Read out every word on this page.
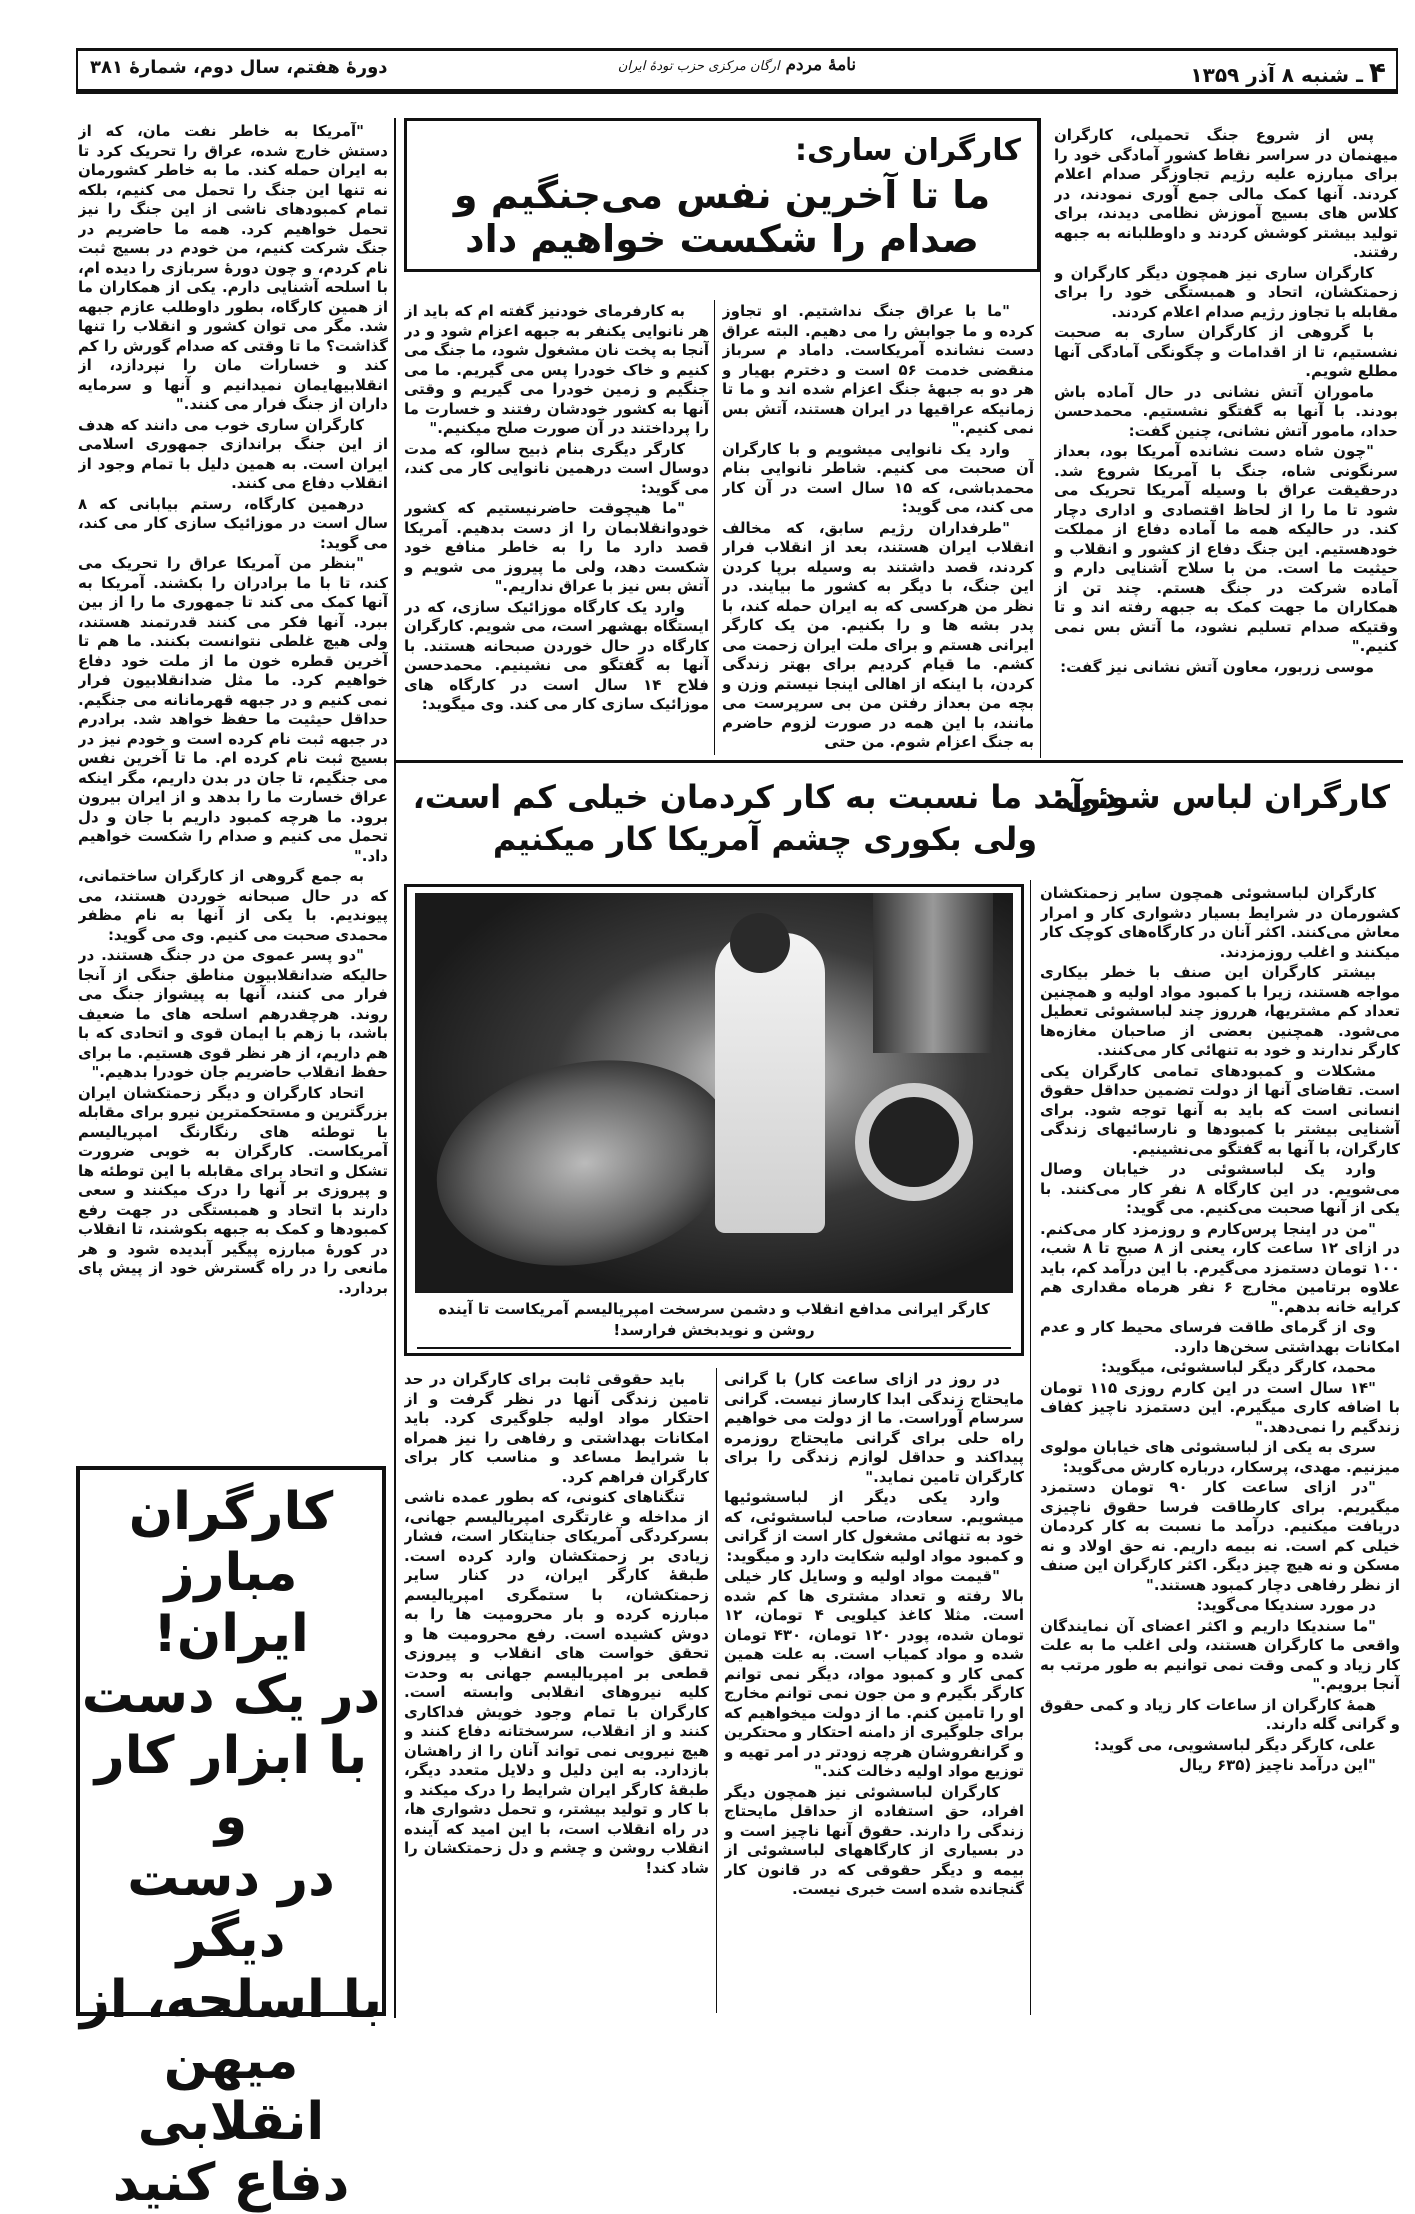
۴ـ شنبه ۸ آذر ۱۳۵۹
نامهٔ مردم ارگان مرکزی حزب تودهٔ ایران
دورهٔ هفتم، سال دوم، شمارهٔ ۳۸۱
کارگران ساری:
ما تا آخرین نفس می‌جنگیم و صدام را شکست خواهیم داد

پس از شروع جنگ تحمیلی، کارگران میهنمان در سراسر نقاط کشور آمادگی خود را برای مبارزه علیه رژیم تجاوزگر صدام اعلام کردند. آنها کمک مالی جمع آوری نمودند، در کلاس های بسیج آموزش نظامی دیدند، برای تولید بیشتر کوشش کردند و داوطلبانه به جبهه رفتند.

کارگران ساری نیز همچون دیگر کارگران و زحمتکشان، اتحاد و همبستگی خود را برای مقابله با تجاوز رژیم صدام اعلام کردند.

با گروهی از کارگران ساری به صحبت نشستیم، تا از اقدامات و چگونگی آمادگی آنها مطلع شویم.

ماموران آتش نشانی در حال آماده باش بودند. با آنها به گفتگو نشستیم. محمدحسن حداد، مامور آتش نشانی، چنین گفت:

"چون شاه دست نشانده آمریکا بود، بعداز سرنگونی شاه، جنگ با آمریکا شروع شد. درحقیقت عراق با وسیله آمریکا تحریک می شود تا ما را از لحاظ اقتصادی و اداری دچار کند. در حالیکه همه ما آماده دفاع از مملکت خودهستیم. این جنگ دفاع از کشور و انقلاب و حیثیت ما است. من با سلاح آشنایی دارم و آماده شرکت در جنگ هستم. چند تن از همکاران ما جهت کمک به جبهه رفته اند و تا وقتیکه صدام تسلیم نشود، ما آتش بس نمی کنیم."

موسی زربور، معاون آتش نشانی نیز گفت:

"ما با عراق جنگ نداشتیم. او تجاوز کرده و ما جوابش را می دهیم. البته عراق دست نشانده آمریکاست. داماد م سرباز منقضی خدمت ۵۶ است و دخترم بهیار و هر دو به جبههٔ جنگ اعزام شده اند و ما تا زمانیکه عراقیها در ایران هستند، آتش بس نمی کنیم."

وارد یک نانوایی میشویم و با کارگران آن صحبت می کنیم. شاطر نانوایی بنام محمدباشی، که ۱۵ سال است در آن کار می کند، می گوید:

"طرفداران رژیم سابق، که مخالف انقلاب ایران هستند، بعد از انقلاب فرار کردند، قصد داشتند به وسیله برپا کردن این جنگ، با دیگر به کشور ما بیایند. در نظر من هرکسی که به ایران حمله کند، با پدر بشه ها و را بکنیم. من یک کارگر ایرانی هستم و برای ملت ایران زحمت می کشم. ما قیام کردیم برای بهتر زندگی کردن، با اینکه از اهالی اینجا نیستم وزن و بچه من بعداز رفتن من بی سرپرست می مانند، با این همه در صورت لزوم حاضرم به جنگ اعزام شوم. من حتی

به کارفرمای خودنیز گفته ام که باید از هر نانوایی یکنفر به جبهه اعزام شود و در آنجا به پخت نان مشغول شود، ما جنگ می کنیم و خاک خودرا پس می گیریم. ما می جنگیم و زمین خودرا می گیریم و وقتی آنها به کشور خودشان رفتند و خسارت ما را پرداختند در آن صورت صلح میکنیم."

کارگر دیگری بنام ذبیح سالو، که مدت دوسال است درهمین نانوایی کار می کند، می گوید:

"ما هیچوقت حاضرنیستیم که کشور خودوانقلابمان را از دست بدهیم. آمریکا قصد دارد ما را به خاطر منافع خود شکست دهد، ولی ما پیروز می شویم و آتش بس نیز با عراق نداریم."

وارد یک کارگاه موزائیک سازی، که در ایستگاه بهشهر است، می شویم. کارگران کارگاه در حال خوردن صبحانه هستند. با آنها به گفتگو می نشینیم. محمدحسن فلاح ۱۴ سال است در کارگاه های موزائیک سازی کار می کند. وی میگوید:

"آمریکا به خاطر نفت مان، که از دستش خارج شده، عراق را تحریک کرد تا به ایران حمله کند. ما به خاطر کشورمان نه تنها این جنگ را تحمل می کنیم، بلکه تمام کمبودهای ناشی از این جنگ را نیز تحمل خواهیم کرد. همه ما حاضریم در جنگ شرکت کنیم، من خودم در بسیج ثبت نام کردم، و چون دورهٔ سربازی را دیده ام، با اسلحه آشنایی دارم. یکی از همکاران ما از همین کارگاه، بطور داوطلب عازم جبهه شد. مگر می توان کشور و انقلاب را تنها گذاشت؟ ما تا وقتی که صدام گورش را کم کند و خسارات مان را نپردازد، از انقلابیهایمان نمیدانیم و آنها و سرمایه داران از جنگ فرار می کنند."

کارگران ساری خوب می دانند که هدف از این جنگ براندازی جمهوری اسلامی ایران است. به همین دلیل با تمام وجود از انقلاب دفاع می کنند.

درهمین کارگاه، رستم بیابانی که ۸ سال است در موزائیک سازی کار می کند، می گوید:

"بنظر من آمریکا عراق را تحریک می کند، تا با ما برادران را بکشند. آمریکا به آنها کمک می کند تا جمهوری ما را از بین ببرد. آنها فکر می کنند قدرتمند هستند، ولی هیچ غلطی نتوانست بکنند. ما هم تا آخرین قطره خون ما از ملت خود دفاع خواهیم کرد. ما مثل ضدانقلابیون فرار نمی کنیم و در جبهه قهرمانانه می جنگیم. حداقل حیثیت ما حفظ خواهد شد. برادرم در جبهه ثبت نام کرده است و خودم نیز در بسیج ثبت نام کرده ام. ما تا آخرین نفس می جنگیم، تا جان در بدن داریم، مگر اینکه عراق خسارت ما را بدهد و از ایران بیرون برود. ما هرچه کمبود داریم با جان و دل تحمل می کنیم و صدام را شکست خواهیم داد."

به جمع گروهی از کارگران ساختمانی، که در حال صبحانه خوردن هستند، می پیوندیم. با یکی از آنها به نام مظفر محمدی صحبت می کنیم. وی می گوید:

"دو پسر عموی من در جنگ هستند. در حالیکه ضدانقلابیون مناطق جنگی از آنجا فرار می کنند، آنها به پیشواز جنگ می روند. هرچقدرهم اسلحه های ما ضعیف باشد، با زهم با ایمان قوی و اتحادی که با هم داریم، از هر نظر قوی هستیم. ما برای حفظ انقلاب حاضریم جان خودرا بدهیم."

اتحاد کارگران و دیگر زحمتکشان ایران بزرگترین و مستحکمترین نیرو برای مقابله با توطئه های رنگارنگ امپریالیسم آمریکاست. کارگران به خوبی ضرورت تشکل و اتحاد برای مقابله با این توطئه ها و پیروزی بر آنها را درک میکنند و سعی دارند با اتحاد و همبستگی در جهت رفع کمبودها و کمک به جبهه بکوشند، تا انقلاب در کورهٔ مبارزه پیگیر آبدیده شود و هر مانعی را در راه گسترش خود از پیش پای بردارد.

کارگران
مبارز ایران!
در یک دست
با ابزار کار و
در دست دیگر
با اسلحه، از
میهن انقلابی
دفاع کنید
کارگران لباس شوئی:
درآمد ما نسبت به کار کردمان خیلی کم است، ولی بکوری چشم آمریکا کار میکنیم
کارگر ایرانی مدافع انقلاب و دشمن سرسخت امپریالیسم آمریکاست تا آینده روشن و نویدبخش فرارسد!

کارگران لباسشوئی همچون سایر زحمتکشان کشورمان در شرایط بسیار دشواری کار و امرار معاش می‌کنند. اکثر آنان در کارگاه‌های کوچک کار میکنند و اغلب روزمزدند.

بیشتر کارگران این صنف با خطر بیکاری مواجه هستند، زیرا با کمبود مواد اولیه و همچنین تعداد کم مشتریها، هرروز چند لباسشوئی تعطیل می‌شود. همچنین بعضی از صاحبان مغازه‌ها کارگر ندارند و خود به تنهائی کار می‌کنند.

مشکلات و کمبودهای تمامی کارگران یکی است. تقاضای آنها از دولت تضمین حداقل حقوق انسانی است که باید به آنها توجه شود. برای آشنایی بیشتر با کمبودها و نارسائیهای زندگی کارگران، با آنها به گفتگو می‌نشینیم.

وارد یک لباسشوئی در خیابان وصال می‌شویم. در این کارگاه ۸ نفر کار می‌کنند. با یکی از آنها صحبت می‌کنیم. می گوید:

"من در اینجا پرس‌کارم و روزمزد کار می‌کنم. در ازای ۱۲ ساعت کار، یعنی از ۸ صبح تا ۸ شب، ۱۰۰ تومان دستمزد می‌گیرم. با این درآمد کم، باید علاوه برتامین مخارج ۶ نفر هرماه مقداری هم کرایه خانه بدهم."

وی از گرمای طاقت فرسای محیط کار و عدم امکانات بهداشتی سخن‌ها دارد.

محمد، کارگر دیگر لباسشوئی، میگوید:

"۱۴ سال است در این کارم روزی ۱۱۵ تومان با اضافه کاری میگیرم. این دستمزد ناچیز کفاف زندگیم را نمی‌دهد."

سری به یکی از لباسشوئی های خیابان مولوی میزنیم. مهدی، پرسکار، درباره کارش می‌گوید:

"در ازای ساعت کار ۹۰ تومان دستمزد میگیریم. برای کارطاقت فرسا حقوق ناچیزی دریافت میکنیم. درآمد ما نسبت به کار کردمان خیلی کم است. نه بیمه داریم. نه حق اولاد و نه مسکن و نه هیچ چیز دیگر. اکثر کارگران این صنف از نظر رفاهی دچار کمبود هستند."

در مورد سندیکا می‌گوید:

"ما سندیکا داریم و اکثر اعضای آن نمایندگان واقعی ما کارگران هستند، ولی اغلب ما به علت کار زیاد و کمی وقت نمی توانیم به طور مرتب به آنجا برویم."

همهٔ کارگران از ساعات کار زیاد و کمی حقوق و گرانی گله دارند.

علی، کارگر دیگر لباسشویی، می گوید:

"این درآمد ناچیز (۶۳۵ ریال

در روز در ازای ساعت کار) با گرانی مایحتاج زندگی ابدا کارساز نیست. گرانی سرسام آوراست. ما از دولت می خواهیم راه حلی برای گرانی مایحتاج روزمره پیداکند و حداقل لوازم زندگی را برای کارگران تامین نماید."

وارد یکی دیگر از لباسشوئیها میشویم. سعادت، صاحب لباسشوئی، که خود به تنهائی مشغول کار است از گرانی و کمبود مواد اولیه شکایت دارد و میگوید:

"قیمت مواد اولیه و وسایل کار خیلی بالا رفته و تعداد مشتری ها کم شده است. مثلا کاغذ کیلویی ۴ تومان، ۱۲ تومان شده، پودر ۱۲۰ تومان، ۴۳۰ تومان شده و مواد کمیاب است. به علت همین کمی کار و کمبود مواد، دیگر نمی توانم کارگر بگیرم و من جون نمی توانم مخارج او را تامین کنم. ما از دولت میخواهیم که برای جلوگیری از دامنه احتکار و محتکرین و گرانفروشان هرچه زودتر در امر تهیه و توزیع مواد اولیه دخالت کند."

کارگران لباسشوئی نیز همچون دیگر افراد، حق استفاده از حداقل مایحتاج زندگی را دارند. حقوق آنها ناچیز است و در بسیاری از کارگاههای لباسشوئی از بیمه و دیگر حقوقی که در قانون کار گنجانده شده است خبری نیست.

باید حقوقی ثابت برای کارگران در حد تامین زندگی آنها در نظر گرفت و از احتکار مواد اولیه جلوگیری کرد. باید امکانات بهداشتی و رفاهی را نیز همراه با شرایط مساعد و مناسب کار برای کارگران فراهم کرد.

تنگناهای کنونی، که بطور عمده ناشی از مداخله و غارتگری امپریالیسم جهانی، بسرکردگی آمریکای جنایتکار است، فشار زیادی بر زحمتکشان وارد کرده است. طبقهٔ کارگر ایران، در کنار سایر زحمتکشان، با ستمگری امپریالیسم مبارزه کرده و بار محرومیت ها را به دوش کشیده است. رفع محرومیت ها و تحقق خواست های انقلاب و پیروزی قطعی بر امپریالیسم جهانی به وحدت کلیه نیروهای انقلابی وابسته است. کارگران با تمام وجود خویش فداکاری کنند و از انقلاب، سرسختانه دفاع کنند و هیچ نیرویی نمی تواند آنان را از راهشان بازدارد. به این دلیل و دلایل متعدد دیگر، طبقهٔ کارگر ایران شرایط را درک میکند و با کار و تولید بیشتر، و تحمل دشواری ها، در راه انقلاب است، با این امید که آینده انقلاب روشن و چشم و دل زحمتکشان را شاد کند!
